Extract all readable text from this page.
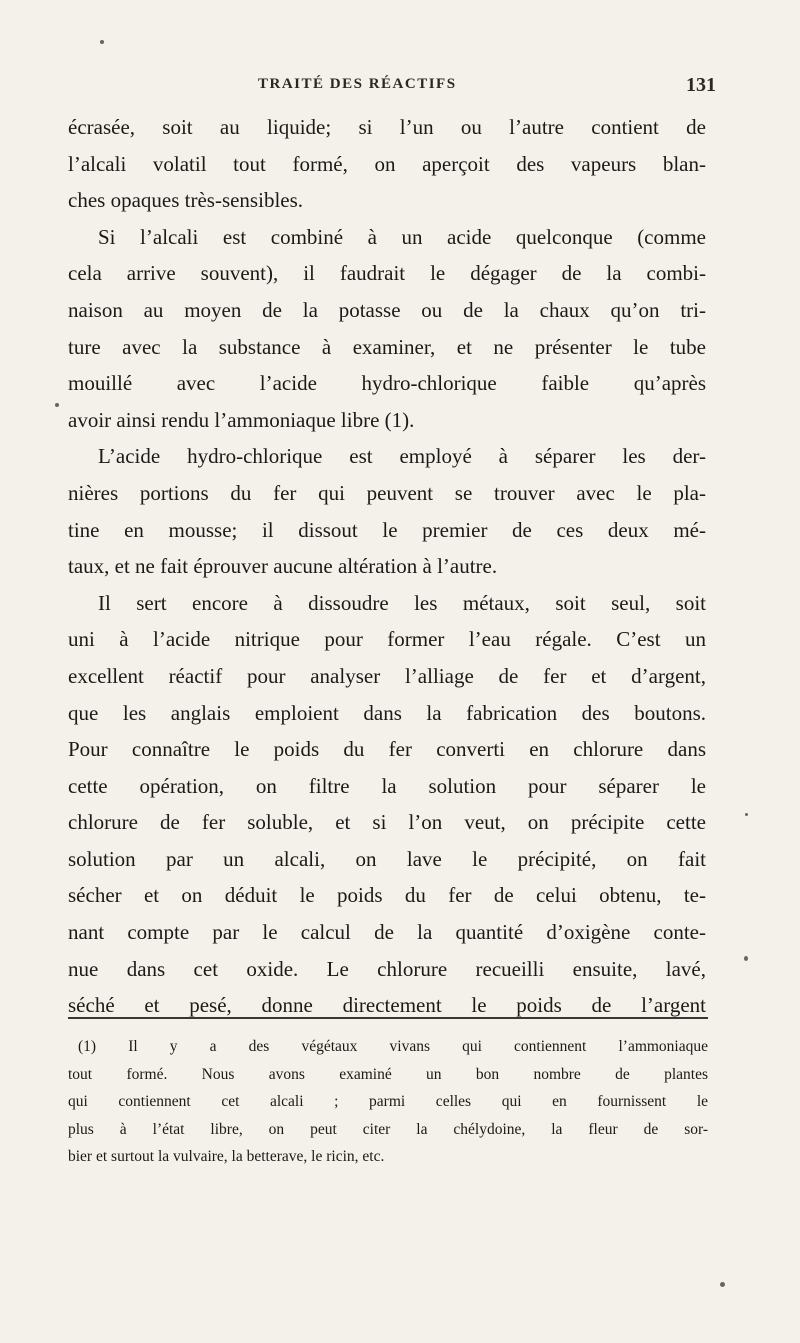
TRAITÉ DES RÉACTIFS	131
écrasée, soit au liquide; si l’un ou l’autre contient de
l’alcali volatil tout formé, on aperçoit des vapeurs blan-
ches opaques très-sensibles.
Si l’alcali est combiné à un acide quelconque (comme
cela arrive souvent), il faudrait le dégager de la combi-
naison au moyen de la potasse ou de la chaux qu’on tri-
ture avec la substance à examiner, et ne présenter le tube
mouillé avec l’acide hydro-chlorique faible qu’après
avoir ainsi rendu l’ammoniaque libre (1).
L’acide hydro-chlorique est employé à séparer les der-
nières portions du fer qui peuvent se trouver avec le pla-
tine en mousse; il dissout le premier de ces deux mé-
taux, et ne fait éprouver aucune altération à l’autre.
Il sert encore à dissoudre les métaux, soit seul, soit
uni à l’acide nitrique pour former l’eau régale. C’est un
excellent réactif pour analyser l’alliage de fer et d’argent,
que les anglais emploient dans la fabrication des boutons.
Pour connaître le poids du fer converti en chlorure dans
cette opération, on filtre la solution pour séparer le
chlorure de fer soluble, et si l’on veut, on précipite cette
solution par un alcali, on lave le précipité, on fait
sécher et on déduit le poids du fer de celui obtenu, te-
nant compte par le calcul de la quantité d’oxigène conte-
nue dans cet oxide. Le chlorure recueilli ensuite, lavé,
séché et pesé, donne directement le poids de l’argent
(1) Il y a des végétaux vivans qui contiennent l’ammoniaque
tout formé. Nous avons examiné un bon nombre de plantes
qui contiennent cet alcali ; parmi celles qui en fournissent le
plus à l’état libre, on peut citer la chélydoine, la fleur de sor-
bier et surtout la vulvaire, la betterave, le ricin, etc.
